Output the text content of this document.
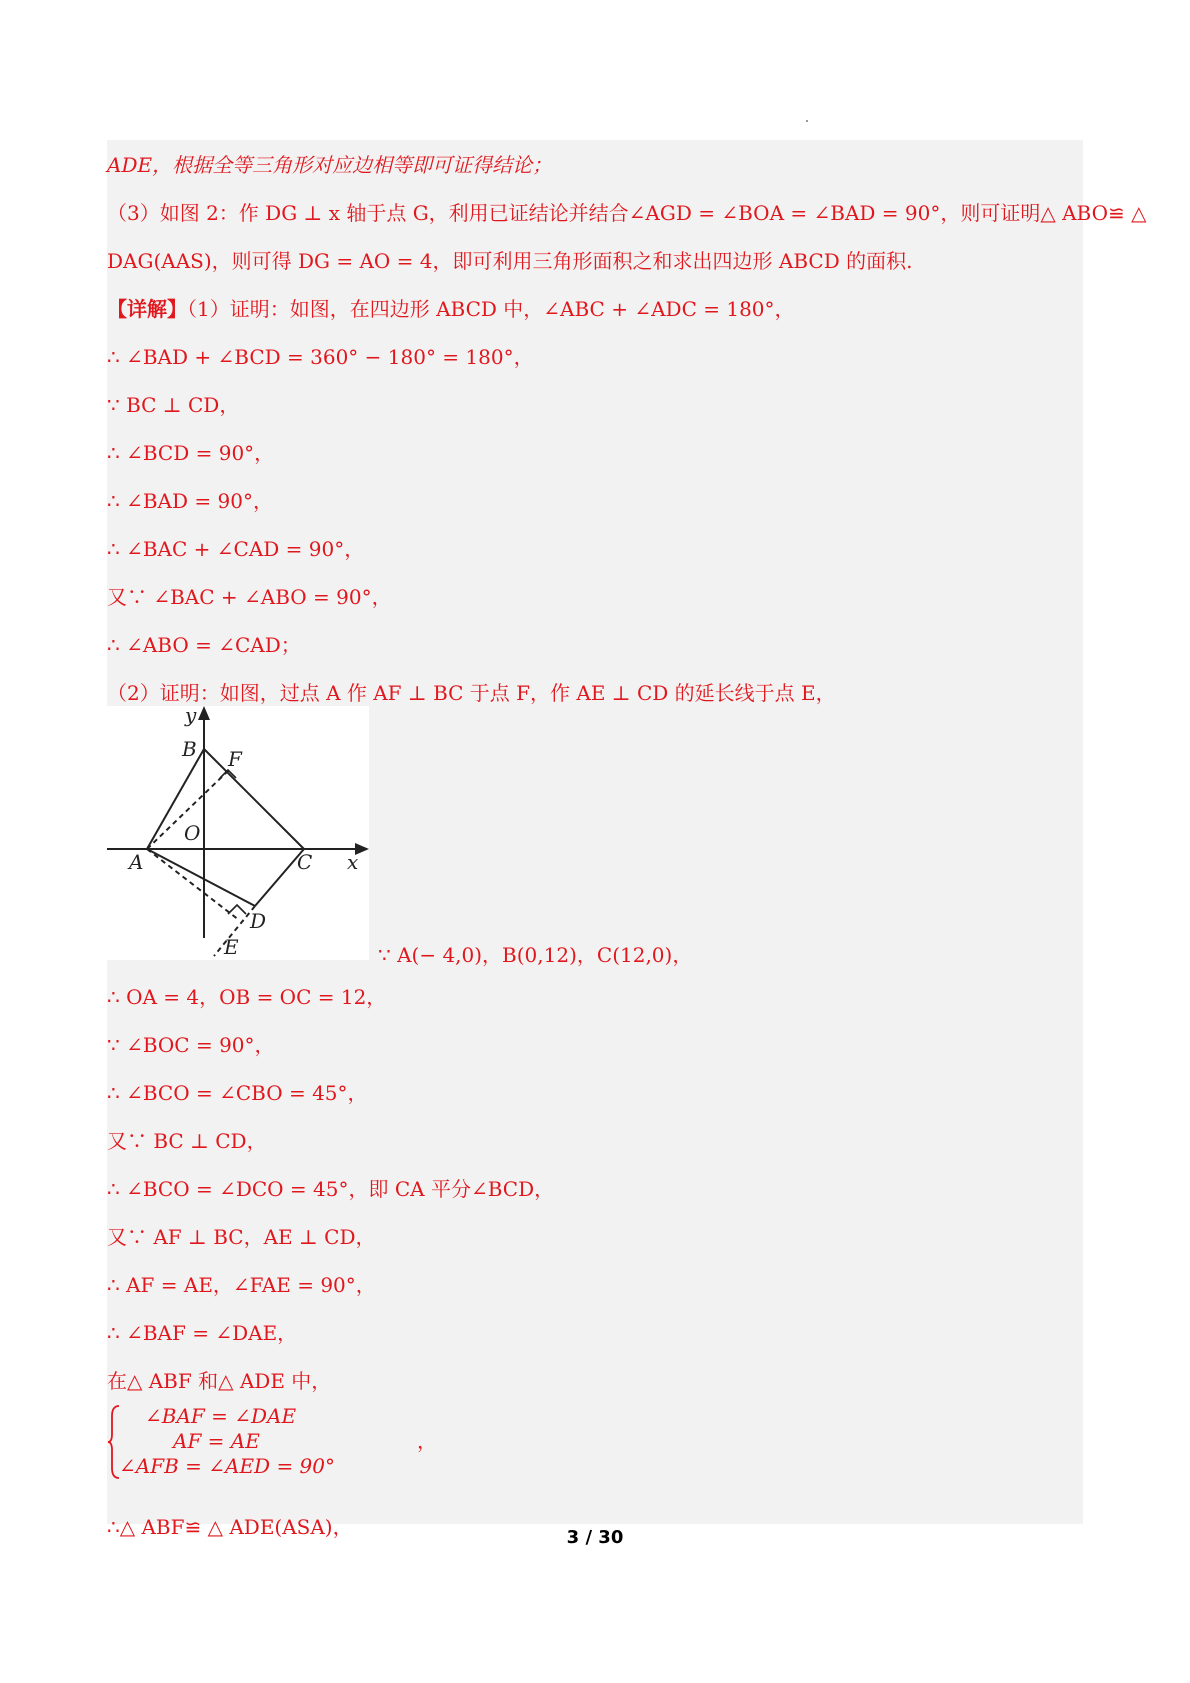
ADE，根据全等三角形对应边相等即可证得结论；
（3）如图 2：作 DG ⊥ x 轴于点 G，利用已证结论并结合∠AGD = ∠BOA = ∠BAD = 90°，则可证明△ ABO≌ △
DAG(AAS)，则可得 DG = AO = 4，即可利用三角形面积之和求出四边形 ABCD 的面积.
【详解】（1）证明：如图，在四边形 ABCD 中，∠ABC + ∠ADC = 180°，
∴ ∠BAD + ∠BCD = 360° − 180° = 180°，
∵ BC ⊥ CD，
∴ ∠BCD = 90°，
∴ ∠BAD = 90°，
∴ ∠BAC + ∠CAD = 90°，
又∵ ∠BAC + ∠ABO = 90°，
∴ ∠ABO = ∠CAD；
（2）证明：如图，过点 A 作 AF ⊥ BC 于点 F，作 AE ⊥ CD 的延长线于点 E，
y
x
B F
O
A	C
D
E	∵ A(− 4,0)，B(0,12)，C(12,0)，
∴ OA = 4，OB = OC = 12，
∵ ∠BOC = 90°，
∴ ∠BCO = ∠CBO = 45°，
又∵ BC ⊥ CD，
∴ ∠BCO = ∠DCO = 45°，即 CA 平分∠BCD，
又∵ AF ⊥ BC，AE ⊥ CD，
∴ AF = AE，∠FAE = 90°，
∴ ∠BAF = ∠DAE，
在△ ABF 和△ ADE 中，
∠BAF = ∠DAE
AF = AE
∠AFB = ∠AED = 90°
，
∴△ ABF≌ △ ADE(ASA)，	3 / 30
